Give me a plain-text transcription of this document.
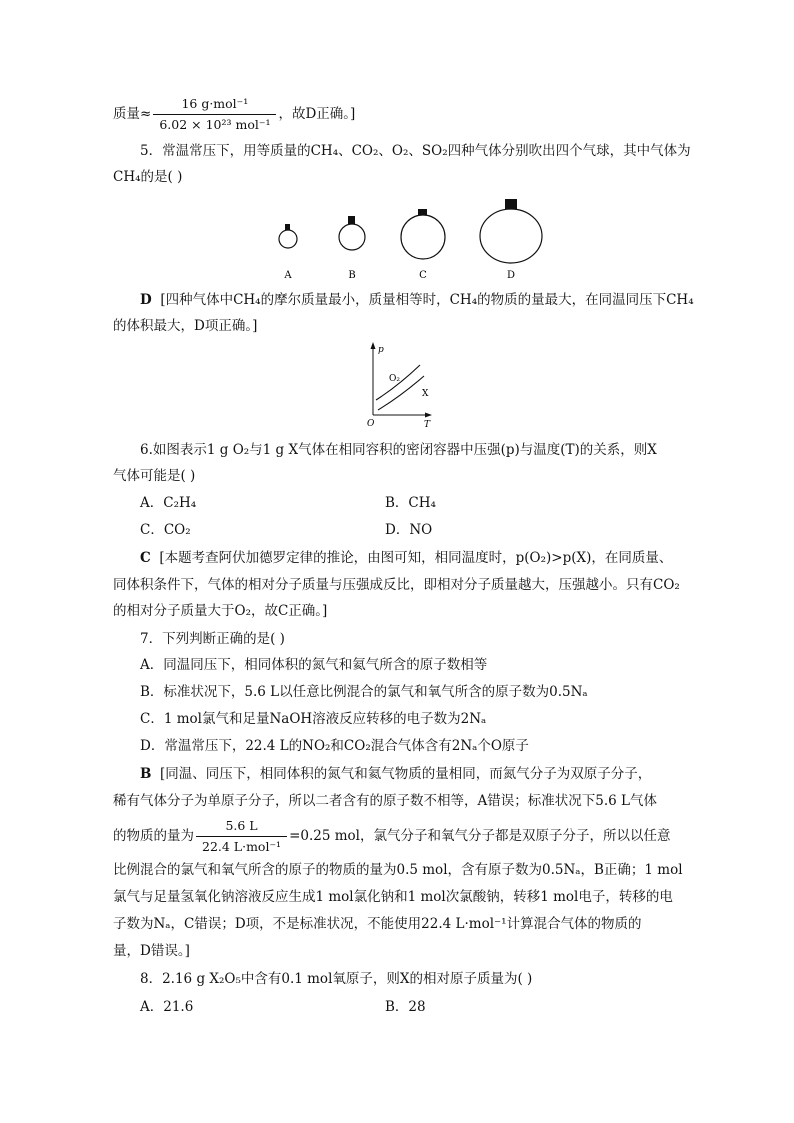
质量≈ $\frac{\text{16 g·mol⁻¹}}{\text{6.02 × 10²³ mol⁻¹}}$ ，故D正确。]
5．常温常压下，用等质量的CH₄、CO₂、O₂、SO₂四种气体分别吹出四个气球，其中气体为
CH₄的是( )
A	B	C	D
D [四种气体中CH₄的摩尔质量最小，质量相等时，CH₄的物质的量最大，在同温同压下CH₄
的体积最大，D项正确。]
p
O₂
X
O	T
6.如图表示1 g O₂与1 g X气体在相同容积的密闭容器中压强(p)与温度(T)的关系，则X
气体可能是( )
A．C₂H₄	B．CH₄
C．CO₂	D．NO
C [本题考查阿伏加德罗定律的推论，由图可知，相同温度时，p(O₂)>p(X)，在同质量、
同体积条件下，气体的相对分子质量与压强成反比，即相对分子质量越大，压强越小。只有CO₂
的相对分子质量大于O₂，故C正确。]
7．下列判断正确的是( )
A．同温同压下，相同体积的氮气和氦气所含的原子数相等
B．标准状况下，5.6 L以任意比例混合的氯气和氧气所含的原子数为0.5Nₐ
C．1 mol氯气和足量NaOH溶液反应转移的电子数为2Nₐ
D．常温常压下，22.4 L的NO₂和CO₂混合气体含有2Nₐ个O原子
B [同温、同压下，相同体积的氮气和氦气物质的量相同，而氮气分子为双原子分子，
稀有气体分子为单原子分子，所以二者含有的原子数不相等，A错误；标准状况下5.6 L气体
的物质的量为 $\frac{5.6 L}{\text{22.4 L·mol⁻¹}} =0.25$ mol，氯气分子和氧气分子都是双原子分子，所以以任意
比例混合的氯气和氧气所含的原子的物质的量为0.5 mol，含有原子数为0.5Nₐ，B正确；1 mol
氯气与足量氢氧化钠溶液反应生成1 mol氯化钠和1 mol次氯酸钠，转移1 mol电子，转移的电
子数为Nₐ，C错误；D项，不是标准状况，不能使用22.4 L·mol⁻¹计算混合气体的物质的
量，D错误。]
8．2.16 g X₂O₅中含有0.1 mol氧原子，则X的相对原子质量为( )
A．21.6	B．28
